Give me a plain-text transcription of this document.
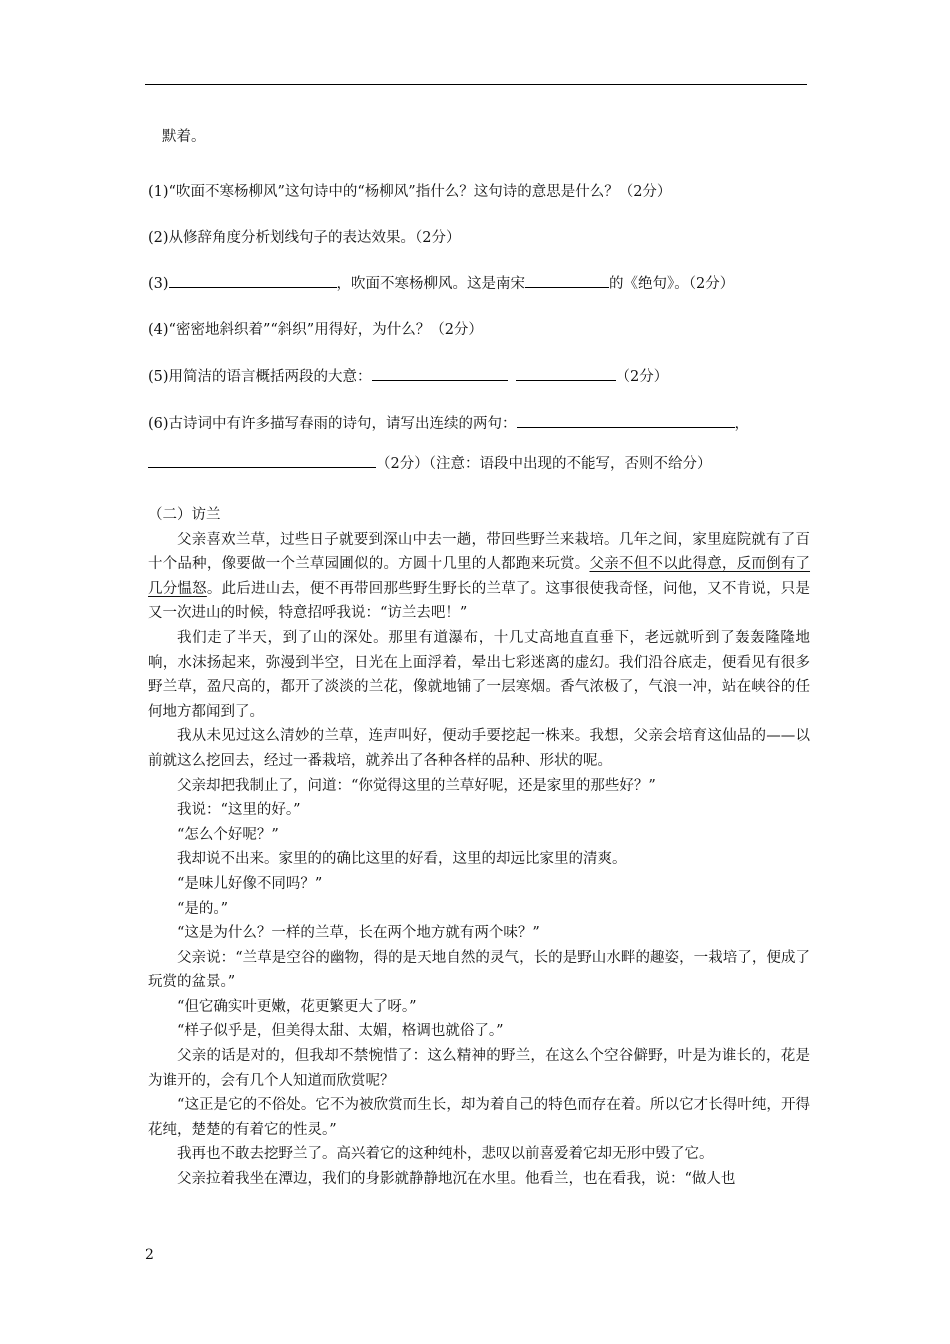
默着。
(1)“吹面不寒杨柳风”这句诗中的“杨柳风”指什么？这句诗的意思是什么？（2分）
(2)从修辞角度分析划线句子的表达效果。（2分）
(3)	，吹面不寒杨柳风。这是南宋	的《绝句》。（2分）
(4)“密密地斜织着”“斜织”用得好，为什么？（2分）
(5)用简洁的语言概括两段的大意：	（2分）
(6)古诗词中有许多描写春雨的诗句，请写出连续的两句：	，
（2分）（注意：语段中出现的不能写，否则不给分）

（二）访兰

父亲喜欢兰草，过些日子就要到深山中去一趟，带回些野兰来栽培。几年之间，家里庭院就有了百十个品种，像要做一个兰草园圃似的。方圆十几里的人都跑来玩赏。父亲不但不以此得意，反而倒有了几分愠怒。此后进山去，便不再带回那些野生野长的兰草了。这事很使我奇怪，问他，又不肯说，只是又一次进山的时候，特意招呼我说：“访兰去吧！”

我们走了半天，到了山的深处。那里有道瀑布，十几丈高地直直垂下，老远就听到了轰轰隆隆地响，水沫扬起来，弥漫到半空，日光在上面浮着，晕出七彩迷离的虚幻。我们沿谷底走，便看见有很多野兰草，盈尺高的，都开了淡淡的兰花，像就地铺了一层寒烟。香气浓极了，气浪一冲，站在峡谷的任何地方都闻到了。

我从未见过这么清妙的兰草，连声叫好，便动手要挖起一株来。我想，父亲会培育这仙品的——以前就这么挖回去，经过一番栽培，就养出了各种各样的品种、形状的呢。

父亲却把我制止了，问道：“你觉得这里的兰草好呢，还是家里的那些好？”

我说：“这里的好。”

“怎么个好呢？”

我却说不出来。家里的的确比这里的好看，这里的却远比家里的清爽。

“是味儿好像不同吗？”

“是的。”

“这是为什么？一样的兰草，长在两个地方就有两个味？”

父亲说：“兰草是空谷的幽物，得的是天地自然的灵气，长的是野山水畔的趣姿，一栽培了，便成了玩赏的盆景。”

“但它确实叶更嫩，花更繁更大了呀。”

“样子似乎是，但美得太甜、太媚，格调也就俗了。”

父亲的话是对的，但我却不禁惋惜了：这么精神的野兰，在这么个空谷僻野，叶是为谁长的，花是为谁开的，会有几个人知道而欣赏呢？

“这正是它的不俗处。它不为被欣赏而生长，却为着自己的特色而存在着。所以它才长得叶纯，开得花纯，楚楚的有着它的性灵。”

我再也不敢去挖野兰了。高兴着它的这种纯朴，悲叹以前喜爱着它却无形中毁了它。

父亲拉着我坐在潭边，我们的身影就静静地沉在水里。他看兰，也在看我，说：“做人也

2
